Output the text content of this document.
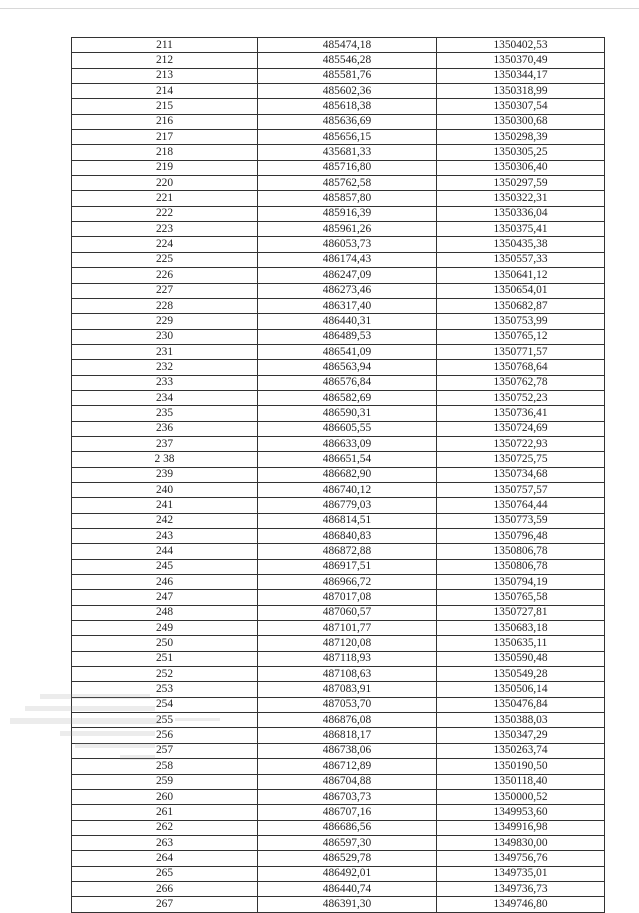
211	485474,18	1350402,53
212	485546,28	1350370,49
213	485581,76	1350344,17
214	485602,36	1350318,99
215	485618,38	1350307,54
216	485636,69	1350300,68
217	485656,15	1350298,39
218	435681,33	1350305,25
219	485716,80	1350306,40
220	485762,58	1350297,59
221	485857,80	1350322,31
222	485916,39	1350336,04
223	485961,26	1350375,41
224	486053,73	1350435,38
225	486174,43	1350557,33
226	486247,09	1350641,12
227	486273,46	1350654,01
228	486317,40	1350682,87
229	486440,31	1350753,99
230	486489,53	1350765,12
231	486541,09	1350771,57
232	486563,94	1350768,64
233	486576,84	1350762,78
234	486582,69	1350752,23
235	486590,31	1350736,41
236	486605,55	1350724,69
237	486633,09	1350722,93
2 38	486651,54	1350725,75
239	486682,90	1350734,68
240	486740,12	1350757,57
241	486779,03	1350764,44
242	486814,51	1350773,59
243	486840,83	1350796,48
244	486872,88	1350806,78
245	486917,51	1350806,78
246	486966,72	1350794,19
247	487017,08	1350765,58
248	487060,57	1350727,81
249	487101,77	1350683,18
250	487120,08	1350635,11
251	487118,93	1350590,48
252	487108,63	1350549,28
253	487083,91	1350506,14
254	487053,70	1350476,84
255	486876,08	1350388,03
256	486818,17	1350347,29
257	486738,06	1350263,74
258	486712,89	1350190,50
259	486704,88	1350118,40
260	486703,73	1350000,52
261	486707,16	1349953,60
262	486686,56	1349916,98
263	486597,30	1349830,00
264	486529,78	1349756,76
265	486492,01	1349735,01
266	486440,74	1349736,73
267	486391,30	1349746,80
